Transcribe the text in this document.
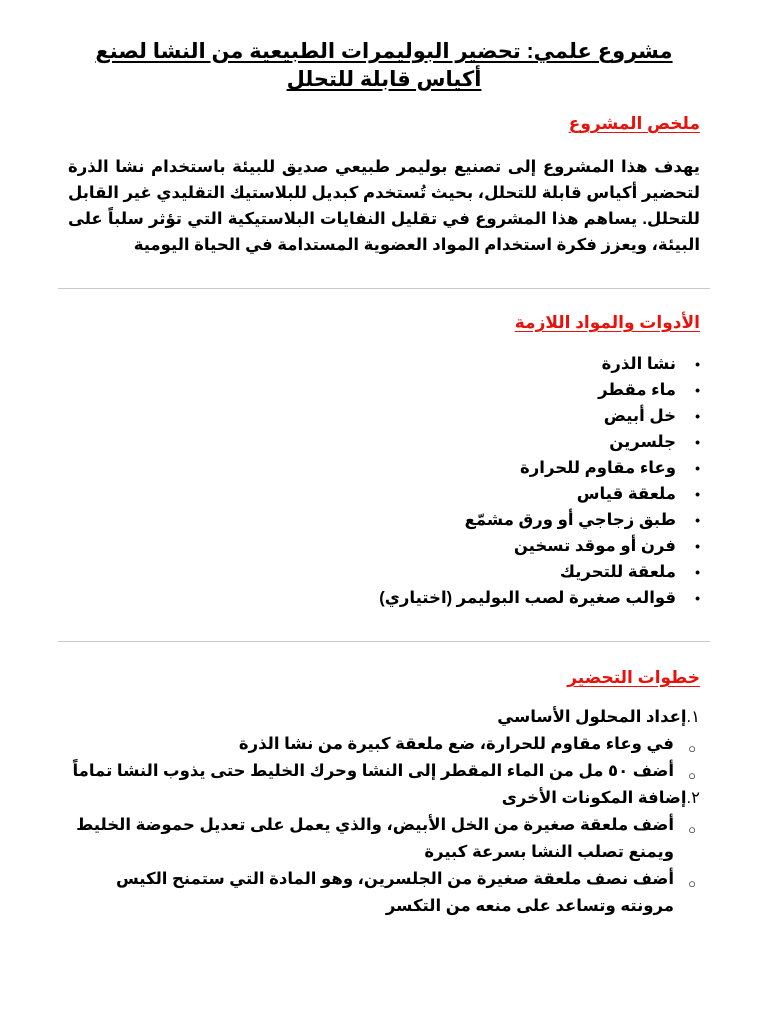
مشروع علمي: تحضير البوليمرات الطبيعية من النشا لصنع أكياس قابلة للتحلل
ملخص المشروع

يهدف هذا المشروع إلى تصنيع بوليمر طبيعي صديق للبيئة باستخدام نشا الذرة لتحضير أكياس قابلة للتحلل، بحيث تُستخدم كبديل للبلاستيك التقليدي غير القابل للتحلل. يساهم هذا المشروع في تقليل النفايات البلاستيكية التي تؤثر سلباً على البيئة، ويعزز فكرة استخدام المواد العضوية المستدامة في الحياة اليومية

الأدوات والمواد اللازمة
•
نشا الذرة
•
ماء مقطر
•
خل أبيض
•
جلسرين
•
وعاء مقاوم للحرارة
•
ملعقة قياس
•
طبق زجاجي أو ورق مشمّع
•
فرن أو موقد تسخين
•
ملعقة للتحريك
•
قوالب صغيرة لصب البوليمر (اختياري)
خطوات التحضير
١.إعداد المحلول الأساسي
○
في وعاء مقاوم للحرارة، ضع ملعقة كبيرة من نشا الذرة
○
أضف ٥٠ مل من الماء المقطر إلى النشا وحرك الخليط حتى يذوب النشا تماماً
٢.إضافة المكونات الأخرى
○
أضف ملعقة صغيرة من الخل الأبيض، والذي يعمل على تعديل حموضة الخليط ويمنع تصلب النشا بسرعة كبيرة
○
أضف نصف ملعقة صغيرة من الجلسرين، وهو المادة التي ستمنح الكيس مرونته وتساعد على منعه من التكسر
